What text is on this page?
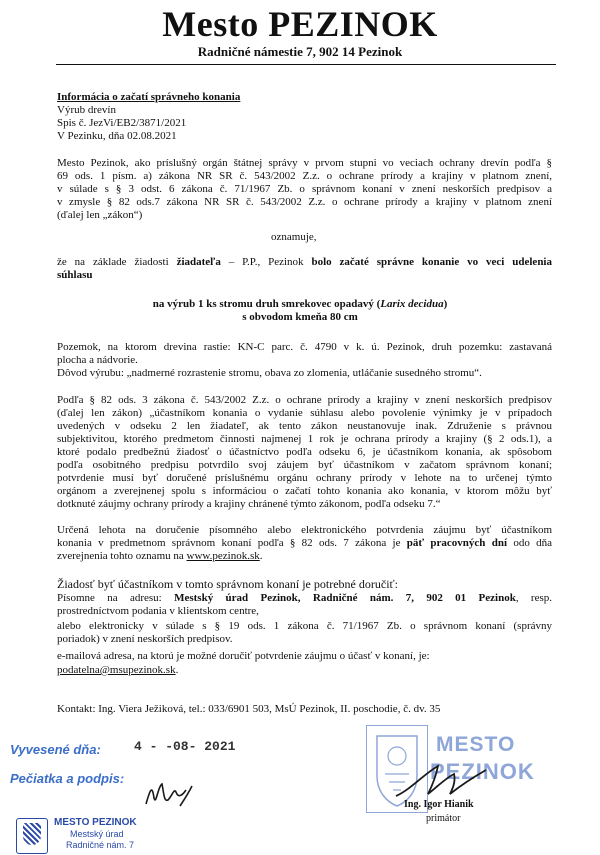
Mesto PEZINOK
Radničné námestie 7, 902 14 Pezinok
Informácia o začatí správneho konania
Výrub drevín
Spis č. JezVi/EB2/3871/2021
V Pezinku, dňa 02.08.2021
Mesto Pezinok, ako príslušný orgán štátnej správy v prvom stupni vo veciach ochrany drevín podľa §
69 ods. 1 písm. a) zákona NR SR č. 543/2002 Z.z. o ochrane prírody a krajiny v platnom znení,
v súlade s § 3 odst. 6 zákona č. 71/1967 Zb. o správnom konaní v znení neskorších predpisov a
v zmysle § 82 ods.7 zákona NR SR č. 543/2002 Z.z. o ochrane prírody a krajiny v platnom znení
(ďalej len „zákon“)
oznamuje,
že na základe žiadosti žiadateľa – P.P., Pezinok bolo začaté správne konanie vo veci udelenia
súhlasu
na výrub 1 ks stromu druh smrekovec opadavý (Larix decidua)
s obvodom kmeňa 80 cm
Pozemok, na ktorom drevina rastie: KN-C parc. č. 4790 v k. ú. Pezinok, druh pozemku: zastavaná
plocha a nádvorie.
Dôvod výrubu: „nadmerné rozrastenie stromu, obava zo zlomenia, utláčanie susedného stromu“.
Podľa § 82 ods. 3 zákona č. 543/2002 Z.z. o ochrane prírody a krajiny v znení neskorších predpisov
(ďalej len zákon) „účastníkom konania o vydanie súhlasu alebo povolenie výnimky je v prípadoch
uvedených v odseku 2 len žiadateľ, ak tento zákon neustanovuje inak. Združenie s právnou
subjektivitou, ktorého predmetom činnosti najmenej 1 rok je ochrana prírody a krajiny (§ 2 ods.1), a
ktoré podalo predbežnú žiadosť o účastníctvo podľa odseku 6, je účastníkom konania, ak spôsobom
podľa osobitného predpisu potvrdilo svoj záujem byť účastníkom v začatom správnom konaní;
potvrdenie musí byť doručené príslušnému orgánu ochrany prírody v lehote na to určenej týmto
orgánom a zverejnenej spolu s informáciou o začatí tohto konania ako konania, v ktorom môžu byť
dotknuté záujmy ochrany prírody a krajiny chránené týmto zákonom, podľa odseku 7.“
Určená lehota na doručenie písomného alebo elektronického potvrdenia záujmu byť účastníkom
konania v predmetnom správnom konaní podľa § 82 ods. 7 zákona je päť pracovných dní odo dňa
zverejnenia tohto oznamu na www.pezinok.sk.
Žiadosť byť účastníkom v tomto správnom konaní je potrebné doručiť:
Písomne na adresu: Mestský úrad Pezinok, Radničné nám. 7, 902 01 Pezinok, resp.
prostredníctvom podania v klientskom centre,
alebo elektronicky v súlade s § 19 ods. 1 zákona č. 71/1967 Zb. o správnom konaní (správny
poriadok) v znení neskorších predpisov.
e-mailová adresa, na ktorú je možné doručiť potvrdenie záujmu o účasť v konaní, je:
podatelna@msupezinok.sk.
Kontakt: Ing. Viera Ježiková, tel.: 033/6901 503, MsÚ Pezinok, II. poschodie, č. dv. 35
Vyvesené dňa:	4 - -08- 2021
Pečiatka a podpis:
MESTO PEZINOK
Mestský úrad
Radničné nám. 7
MESTO
PEZINOK
Ing. Igor Hianik
primátor
